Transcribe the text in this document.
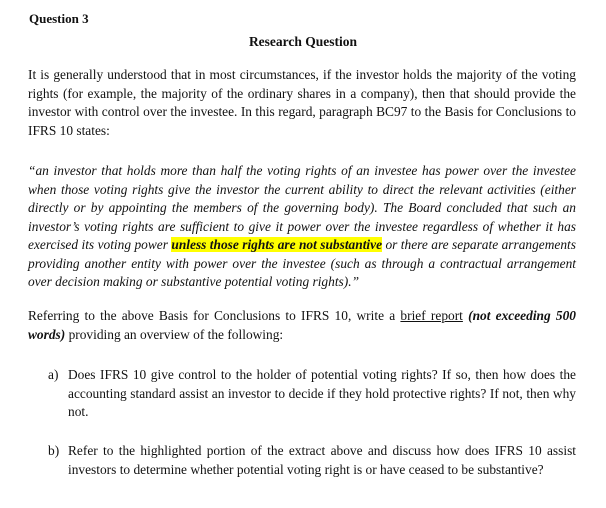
Question 3
Research Question

It is generally understood that in most circumstances, if the investor holds the majority of the voting rights (for example, the majority of the ordinary shares in a company), then that should provide the investor with control over the investee. In this regard, paragraph BC97 to the Basis for Conclusions to IFRS 10 states:

“an investor that holds more than half the voting rights of an investee has power over the investee when those voting rights give the investor the current ability to direct the relevant activities (either directly or by appointing the members of the governing body). The Board concluded that such an investor’s voting rights are sufficient to give it power over the investee regardless of whether it has exercised its voting power unless those rights are not substantive or there are separate arrangements providing another entity with power over the investee (such as through a contractual arrangement over decision making or substantive potential voting rights).”

Referring to the above Basis for Conclusions to IFRS 10, write a brief report (not exceeding 500 words) providing an overview of the following:

a) Does IFRS 10 give control to the holder of potential voting rights? If so, then how does the accounting standard assist an investor to decide if they hold protective rights? If not, then why not.
b) Refer to the highlighted portion of the extract above and discuss how does IFRS 10 assist investors to determine whether potential voting right is or have ceased to be substantive?
